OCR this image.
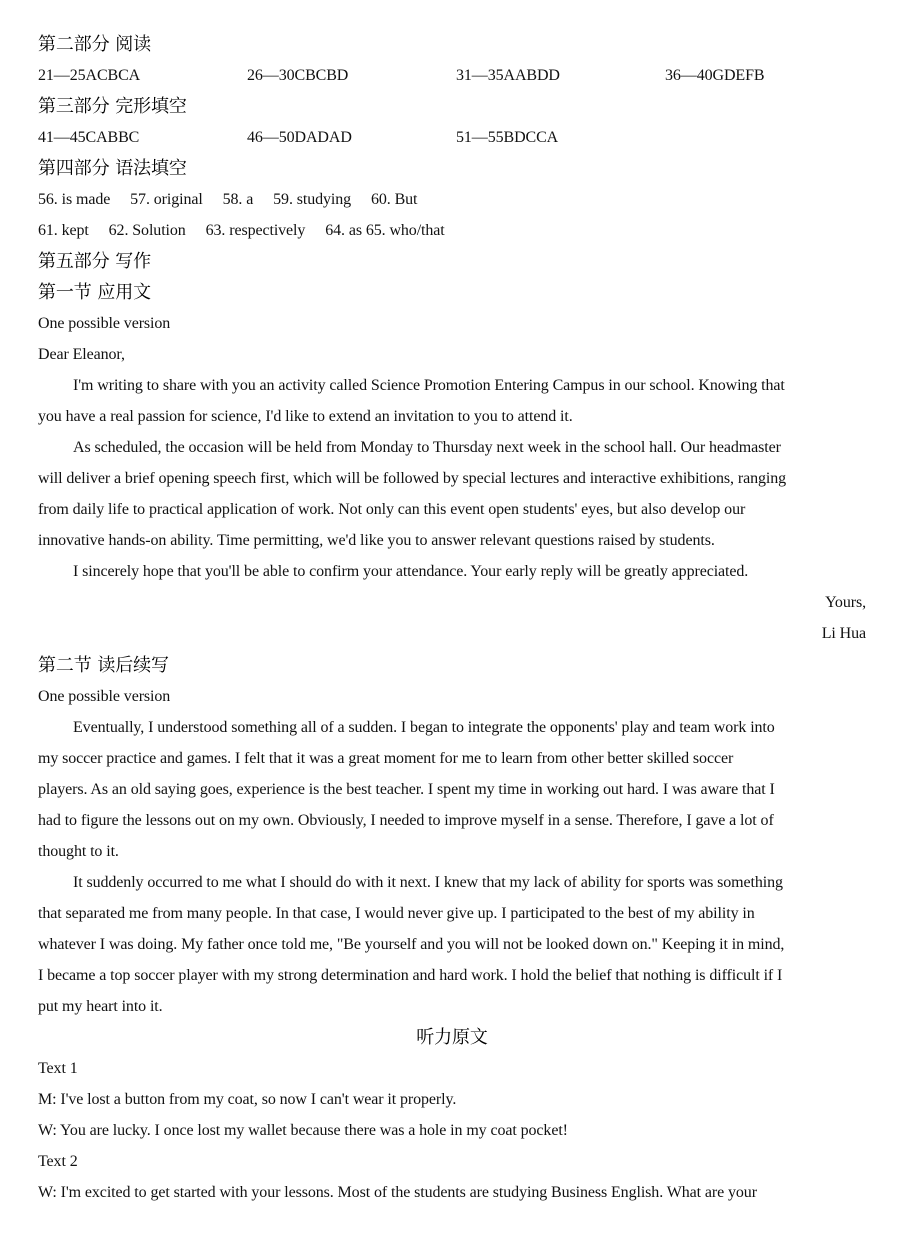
第二部分 阅读
21—25ACBCA	26—30CBCBD	31—35AABDD	36—40GDEFB
第三部分 完形填空
41—45CABBC	46—50DADAD	51—55BDCCA
第四部分 语法填空
56. is made 57. original 58. a 59. studying 60. But
61. kept 62. Solution 63. respectively 64. as 65. who/that
第五部分 写作
第一节 应用文
One possible version
Dear Eleanor,
I'm writing to share with you an activity called Science Promotion Entering Campus in our school. Knowing that
you have a real passion for science, I'd like to extend an invitation to you to attend it.
As scheduled, the occasion will be held from Monday to Thursday next week in the school hall. Our headmaster
will deliver a brief opening speech first, which will be followed by special lectures and interactive exhibitions, ranging
from daily life to practical application of work. Not only can this event open students' eyes, but also develop our
innovative hands-on ability. Time permitting, we'd like you to answer relevant questions raised by students.
I sincerely hope that you'll be able to confirm your attendance. Your early reply will be greatly appreciated.
Yours,
Li Hua
第二节 读后续写
One possible version
Eventually, I understood something all of a sudden. I began to integrate the opponents' play and team work into
my soccer practice and games. I felt that it was a great moment for me to learn from other better skilled soccer
players. As an old saying goes, experience is the best teacher. I spent my time in working out hard. I was aware that I
had to figure the lessons out on my own. Obviously, I needed to improve myself in a sense. Therefore, I gave a lot of
thought to it.
It suddenly occurred to me what I should do with it next. I knew that my lack of ability for sports was something
that separated me from many people. In that case, I would never give up. I participated to the best of my ability in
whatever I was doing. My father once told me, "Be yourself and you will not be looked down on." Keeping it in mind,
I became a top soccer player with my strong determination and hard work. I hold the belief that nothing is difficult if I
put my heart into it.
听力原文
Text 1
M: I've lost a button from my coat, so now I can't wear it properly.
W: You are lucky. I once lost my wallet because there was a hole in my coat pocket!
Text 2
W: I'm excited to get started with your lessons. Most of the students are studying Business English. What are your
